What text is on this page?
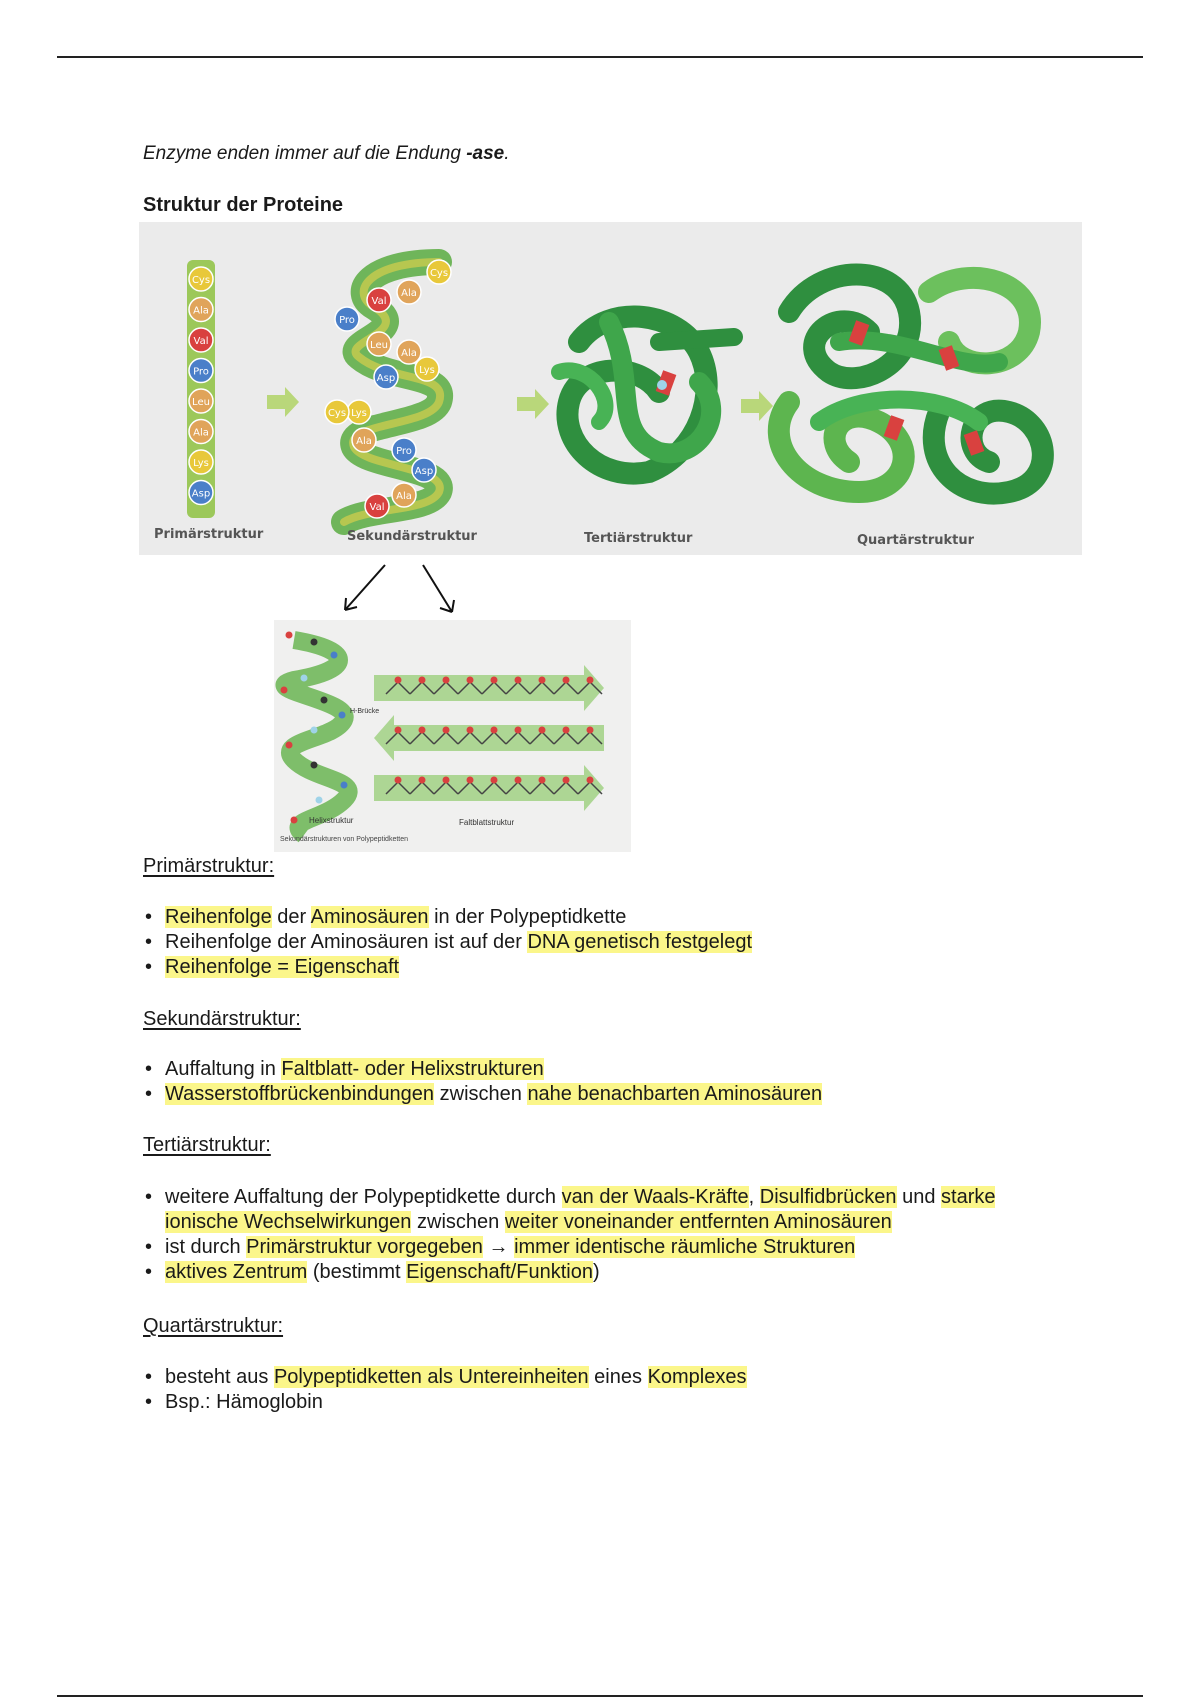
Enzyme enden immer auf die Endung -ase.
Struktur der Proteine
Cys
Ala
Val
Pro
Leu
Ala
Lys
Asp
Cys
Ala
Val
Pro
Leu
Ala
Lys
Asp
Lys
Cys
Ala
Pro
Asp
Ala
Val
Primärstruktur	Sekundärstruktur	Tertiärstruktur	Quartärstruktur
Helixstruktur	Faltblattstruktur
H-Brücke
Sekundärstrukturen von Polypeptidketten
Primärstruktur:
• Reihenfolge der Aminosäuren in der Polypeptidkette
• Reihenfolge der Aminosäuren ist auf der DNA genetisch festgelegt
• Reihenfolge = Eigenschaft
Sekundärstruktur:
• Auffaltung in Faltblatt- oder Helixstrukturen
• Wasserstoffbrückenbindungen zwischen nahe benachbarten Aminosäuren
Tertiärstruktur:
• weitere Auffaltung der Polypeptidkette durch van der Waals-Kräfte, Disulfidbrücken und starke ionische Wechselwirkungen zwischen weiter voneinander entfernten Aminosäuren
• ist durch Primärstruktur vorgegeben → immer identische räumliche Strukturen
• aktives Zentrum (bestimmt Eigenschaft/Funktion)
Quartärstruktur:
• besteht aus Polypeptidketten als Untereinheiten eines Komplexes
• Bsp.: Hämoglobin
